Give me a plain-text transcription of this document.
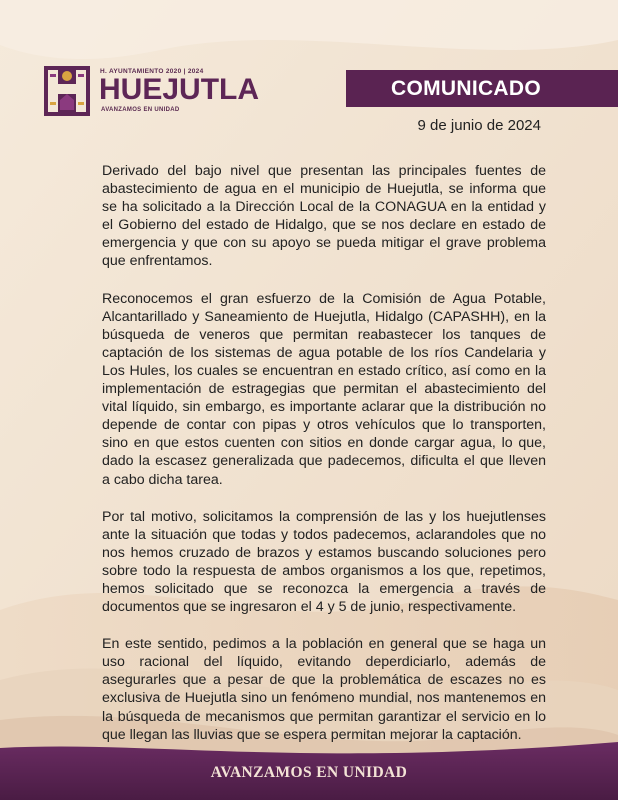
H. AYUNTAMIENTO 2020 | 2024
HUEJUTLA
AVANZAMOS EN UNIDAD
COMUNICADO
9 de junio de 2024

Derivado del bajo nivel que presentan las principales fuentes de abastecimiento de agua en el municipio de Huejutla, se informa que se ha solicitado a la Dirección Local de la CONAGUA en la entidad y el Gobierno del estado de Hidalgo, que se nos declare en estado de emergencia y que con su apoyo se pueda mitigar el grave problema que enfrentamos.

Reconocemos el gran esfuerzo de la Comisión de Agua Potable, Alcantarillado y Saneamiento de Huejutla, Hidalgo (CAPASHH), en la búsqueda de veneros que permitan reabastecer los tanques de captación de los sistemas de agua potable de los ríos Candelaria y Los Hules, los cuales se encuentran en estado crítico, así como en la implementación de estragegias que permitan el abastecimiento del vital líquido, sin embargo, es importante aclarar que la distribución no depende de contar con pipas y otros vehículos que lo transporten, sino en que estos cuenten con sitios en donde cargar agua, lo que, dado la escasez generalizada que padecemos, dificulta el que lleven a cabo dicha tarea.

Por tal motivo, solicitamos la comprensión de las y los huejutlenses ante la situación que todas y todos padecemos, aclarandoles que no nos hemos cruzado de brazos y estamos buscando soluciones pero sobre todo la respuesta de ambos organismos a los que, repetimos, hemos solicitado que se reconozca la emergencia a través de documentos que se ingresaron el 4 y 5 de junio, respectivamente.

En este sentido, pedimos a la población en general que se haga un uso racional del líquido, evitando deperdiciarlo, además de asegurarles que a pesar de que la problemática de escazes no es exclusiva de Huejutla sino un fenómeno mundial, nos mantenemos en la búsqueda de mecanismos que permitan garantizar el servicio en lo que llegan las lluvias que se espera permitan mejorar la captación.

AVANZAMOS EN UNIDAD
